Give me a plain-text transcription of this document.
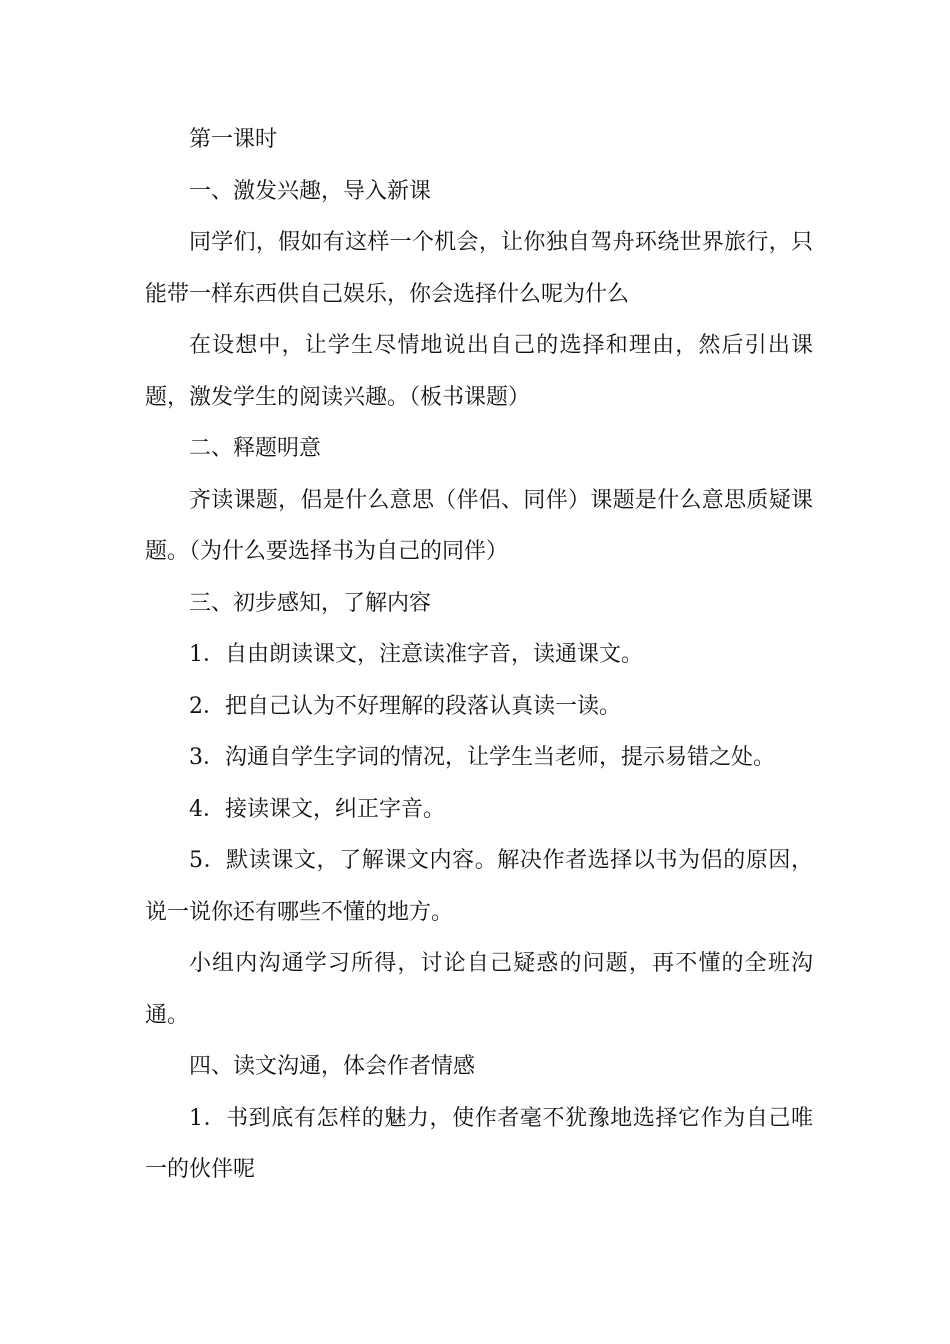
第一课时

一、激发兴趣，导入新课

同学们，假如有这样一个机会，让你独自驾舟环绕世界旅行，只能带一样东西供自己娱乐，你会选择什么呢为什么

在设想中，让学生尽情地说出自己的选择和理由，然后引出课题，激发学生的阅读兴趣。（板书课题）

二、释题明意

齐读课题，侣是什么意思（伴侣、同伴）课题是什么意思质疑课题。（为什么要选择书为自己的同伴）

三、初步感知，了解内容

1．自由朗读课文，注意读准字音，读通课文。

2．把自己认为不好理解的段落认真读一读。

3．沟通自学生字词的情况，让学生当老师，提示易错之处。

4．接读课文，纠正字音。

5．默读课文，了解课文内容。解决作者选择以书为侣的原因，说一说你还有哪些不懂的地方。

小组内沟通学习所得，讨论自己疑惑的问题，再不懂的全班沟通。

四、读文沟通，体会作者情感

1．书到底有怎样的魅力，使作者毫不犹豫地选择它作为自己唯一的伙伴呢
